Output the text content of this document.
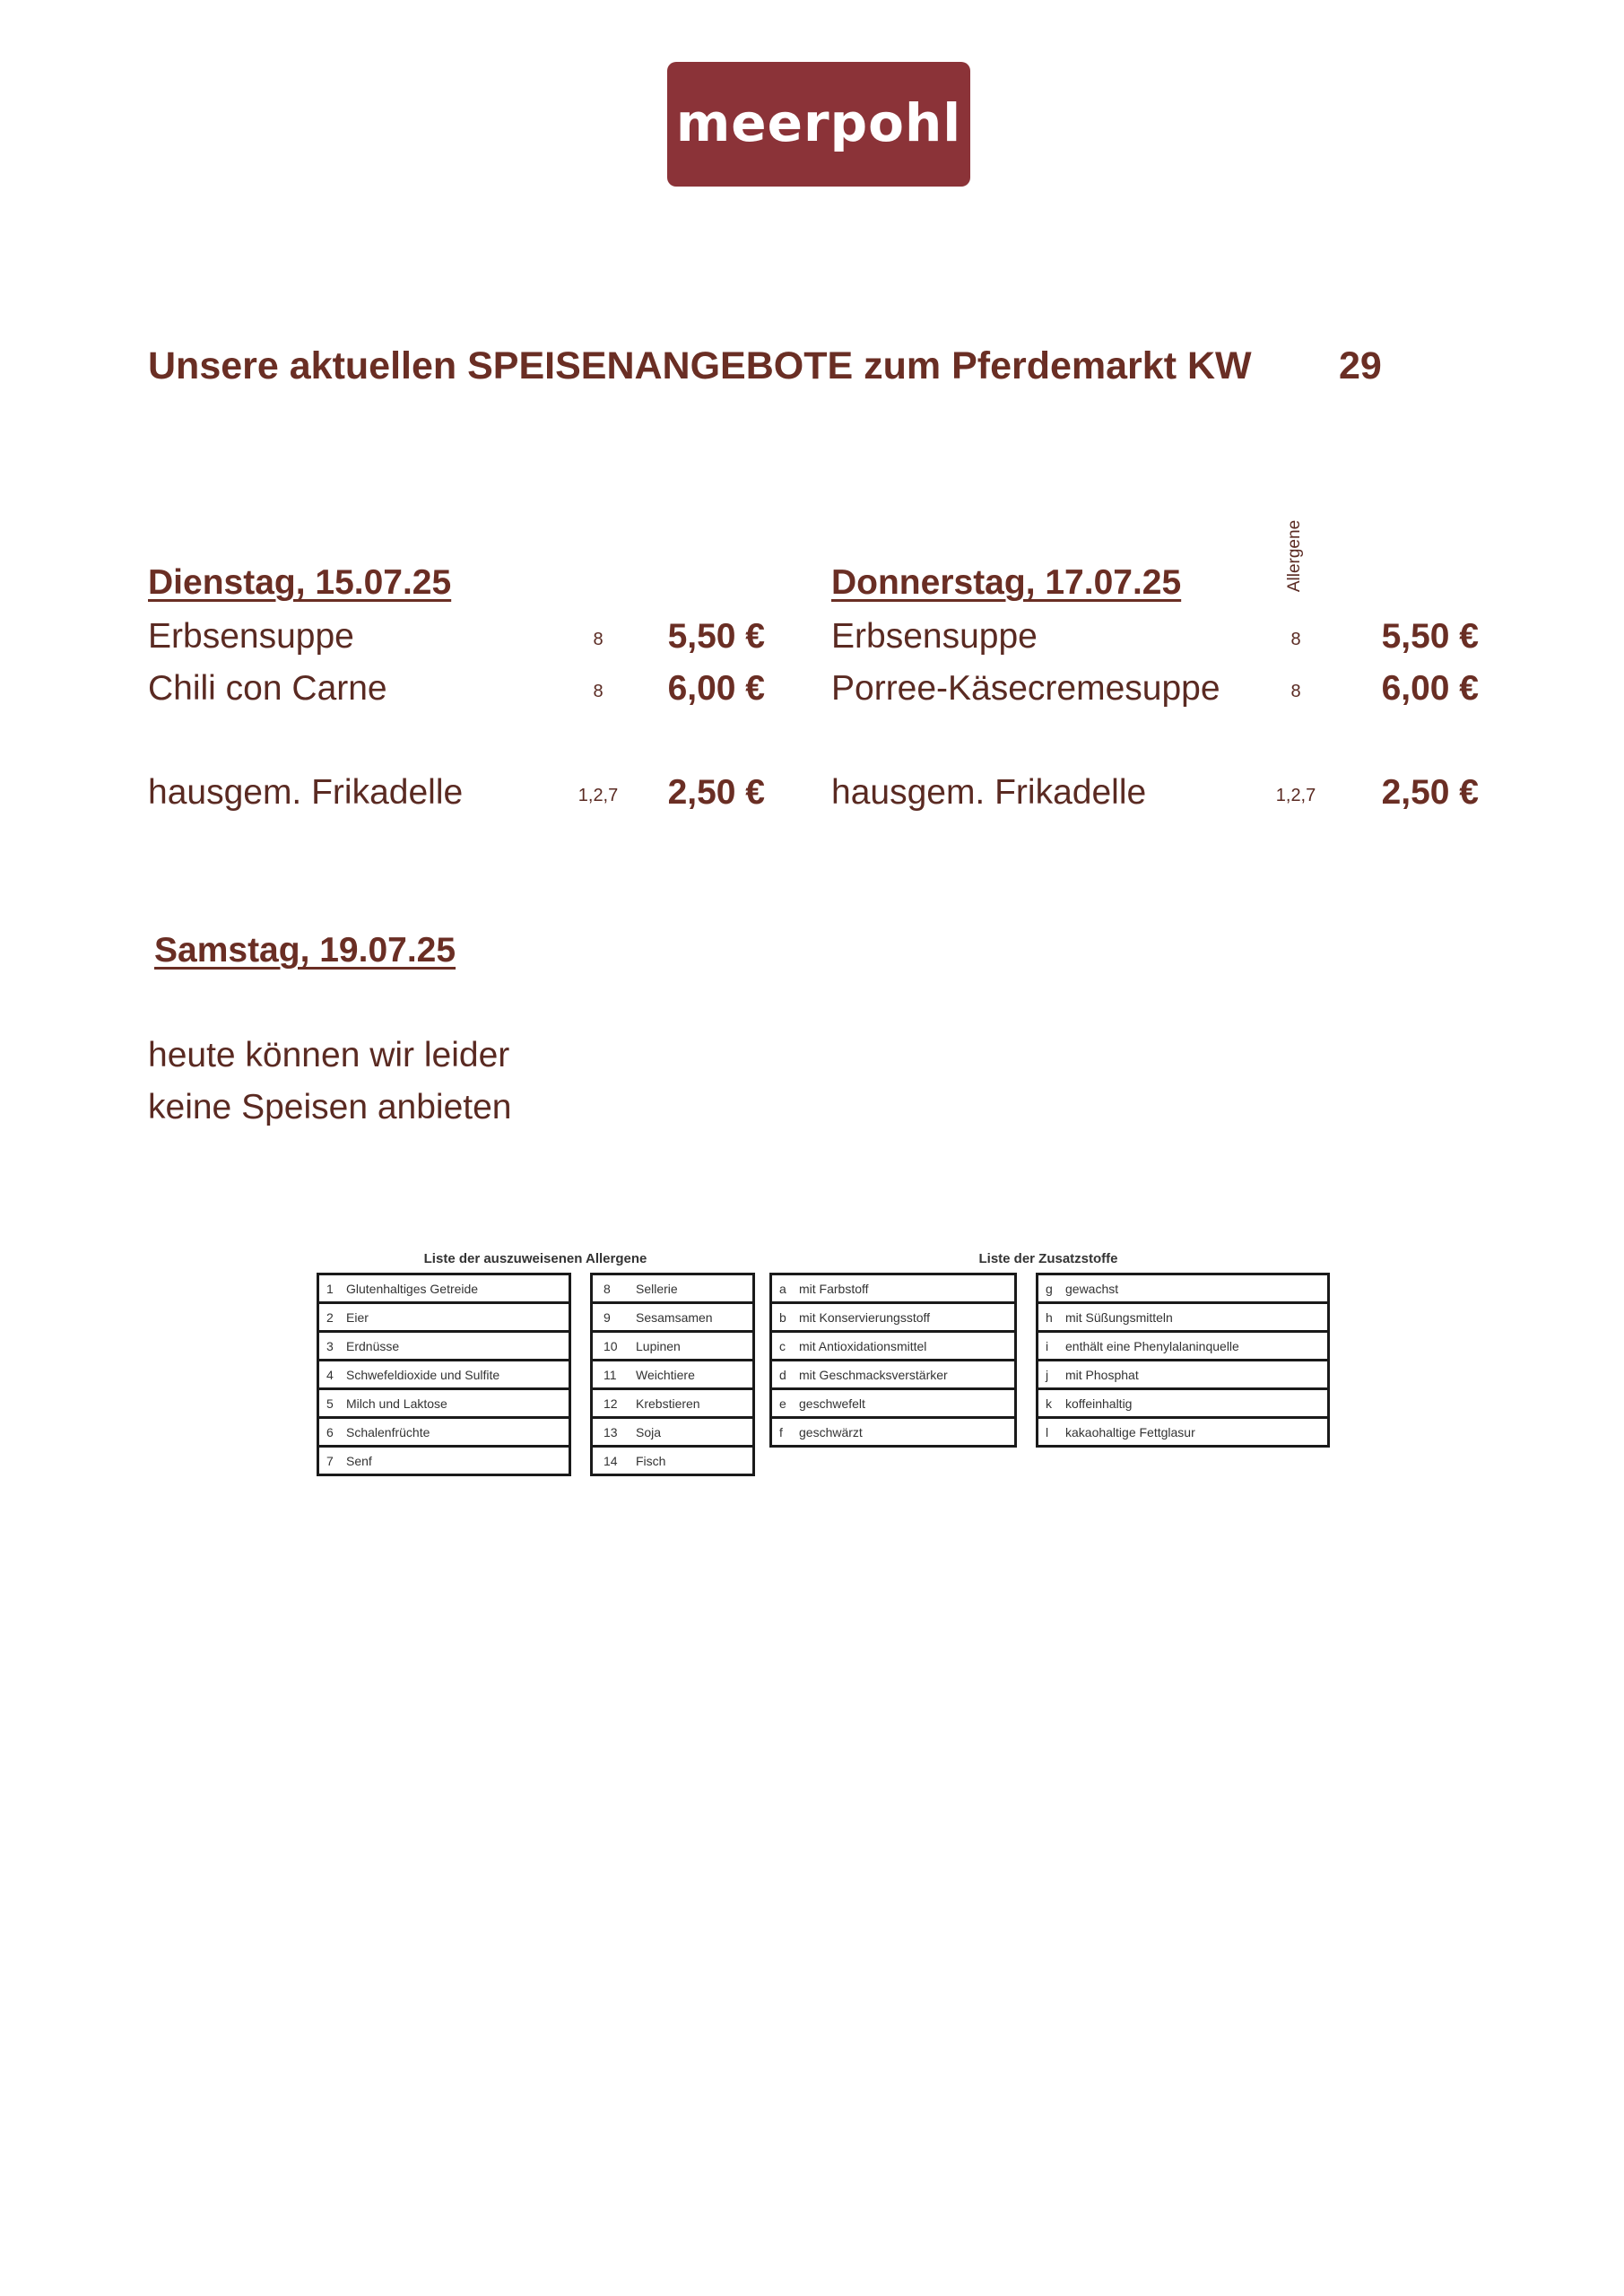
meerpohl
Unsere aktuellen SPEISENANGEBOTE zum Pferdemarkt KW 29
Allergene
Dienstag, 15.07.25
Erbsensuppe	8 5,50 €
Chili con Carne	8 6,00 €
hausgem. Frikadelle	1,2,7 2,50 €
Donnerstag, 17.07.25
Erbsensuppe	8 5,50 €
Porree-Käsecremesuppe	8 6,00 €
hausgem. Frikadelle	1,2,7 2,50 €
Samstag, 19.07.25
heute können wir leider
keine Speisen anbieten
Liste der auszuweisenen Allergene
1	Glutenhaltiges Getreide
2	Eier
3	Erdnüsse
4	Schwefeldioxide und Sulfite
5	Milch und Laktose
6	Schalenfrüchte
7	Senf
8	Sellerie
9	Sesamsamen
10	Lupinen
11	Weichtiere
12	Krebstieren
13	Soja
14	Fisch
Liste der Zusatzstoffe
a	mit Farbstoff
b	mit Konservierungsstoff
c	mit Antioxidationsmittel
d	mit Geschmacksverstärker
e	geschwefelt
f	geschwärzt
g	gewachst
h	mit Süßungsmitteln
i	enthält eine Phenylalaninquelle
j	mit Phosphat
k	koffeinhaltig
l	kakaohaltige Fettglasur
